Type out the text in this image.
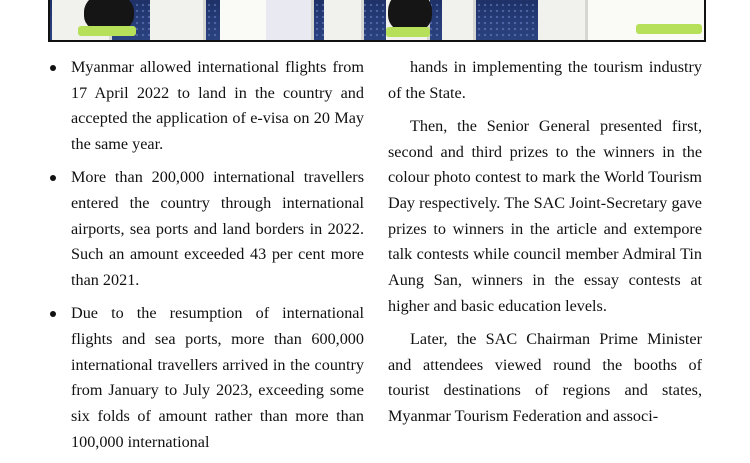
Myanmar allowed international flights from 17 April 2022 to land in the country and accepted the application of e-visa on 20 May the same year.
More than 200,000 international travellers entered the country through international airports, sea ports and land borders in 2022. Such an amount exceeded 43 per cent more than 2021.
Due to the resumption of international flights and sea ports, more than 600,000 international travellers arrived in the country from January to July 2023, exceeding some six folds of amount rather than more than 100,000 international

hands in implementing the tourism industry of the State.

Then, the Senior General presented first, second and third prizes to the winners in the colour photo contest to mark the World Tourism Day respectively. The SAC Joint-Secretary gave prizes to winners in the article and extempore talk contests while council member Admiral Tin Aung San, winners in the essay contests at higher and basic education levels.

Later, the SAC Chairman Prime Minister and attendees viewed round the booths of tourist destinations of regions and states, Myanmar Tourism Federation and associ-
